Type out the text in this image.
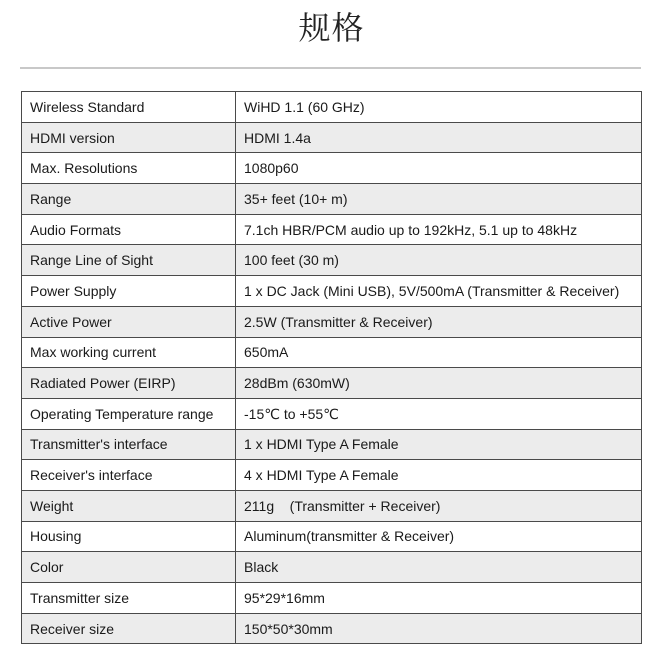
规格
Wireless Standard	WiHD 1.1 (60 GHz)
HDMI version	HDMI 1.4a
Max. Resolutions	1080p60
Range	35+ feet (10+ m)
Audio Formats	7.1ch HBR/PCM audio up to 192kHz, 5.1 up to 48kHz
Range Line of Sight	100 feet (30 m)
Power Supply	1 x DC Jack (Mini USB), 5V/500mA (Transmitter & Receiver)
Active Power	2.5W (Transmitter & Receiver)
Max working current	650mA
Radiated Power (EIRP)	28dBm (630mW)
Operating Temperature range	-15℃ to +55℃
Transmitter's interface	1 x HDMI Type A Female
Receiver's interface	4 x HDMI Type A Female
Weight	211g    (Transmitter + Receiver)
Housing	Aluminum(transmitter & Receiver)
Color	Black
Transmitter size	95*29*16mm
Receiver size	150*50*30mm
